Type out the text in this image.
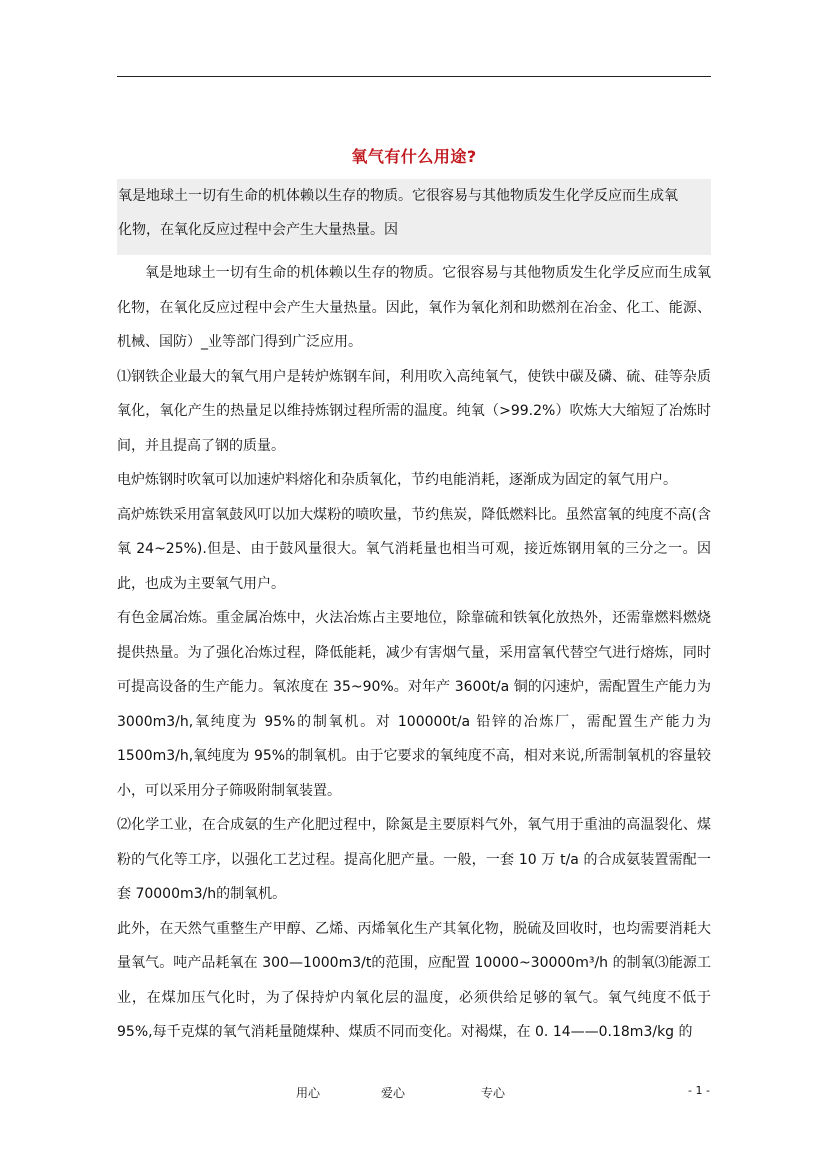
氧气有什么用途?

氧是地球土一切有生命的机体赖以生存的物质。它很容易与其他物质发生化学反应而生成氧

化物，在氧化反应过程中会产生大量热量。因

氧是地球土一切有生命的机体赖以生存的物质。它很容易与其他物质发生化学反应而生成氧化物，在氧化反应过程中会产生大量热量。因此，氧作为氧化剂和助燃剂在冶金、化工、能源、机械、国防）_业等部门得到广泛应用。

⑴钢铁企业最大的氧气用户是转炉炼钢车间，利用吹入高纯氧气，使铁中碳及磷、硫、硅等杂质氧化，氧化产生的热量足以维持炼钢过程所需的温度。纯氧（>99.2%）吹炼大大缩短了冶炼时间，并且提高了钢的质量。

电炉炼钢时吹氧可以加速炉料熔化和杂质氧化，节约电能消耗，逐渐成为固定的氧气用户。

高炉炼铁采用富氧鼓风叮以加大煤粉的喷吹量，节约焦炭，降低燃料比。虽然富氧的纯度不高(含氧 24~25%).但是、由于鼓风量很大。氧气消耗量也相当可观，接近炼钢用氧的三分之一。因此，也成为主要氧气用户。

有色金属冶炼。重金属冶炼中，火法冶炼占主要地位，除靠硫和铁氧化放热外，还需靠燃料燃烧提供热量。为了强化冶炼过程，降低能耗，减少有害烟气量，采用富氧代替空气进行熔炼，同时可提高设备的生产能力。氧浓度在 35~90%。对年产 3600t/a 铜的闪速炉，需配置生产能力为 3000m3/h,氧纯度为 95%的制氧机。对 100000t/a 铅锌的冶炼厂，需配置生产能力为 1500m3/h,氧纯度为 95%的制氧机。由于它要求的氧纯度不高，相对来说,所需制氧机的容量较小，可以采用分子筛吸附制氧装置。

⑵化学工业，在合成氨的生产化肥过程中，除氮是主要原料气外，氧气用于重油的高温裂化、煤粉的气化等工序，以强化工艺过程。提高化肥产量。一般，一套 10 万 t/a 的合成氨装置需配一套 70000m3/h的制氧机。

此外，在天然气重整生产甲醇、乙烯、丙烯氧化生产其氧化物，脱硫及回收时，也均需要消耗大量氧气。吨产品耗氧在 300—1000m3/t的范围，应配置 10000~30000m³/h 的制氧⑶能源工业，在煤加压气化时，为了保持炉内氧化层的温度，必须供给足够的氧气。氧气纯度不低于 95%,每千克煤的氧气消耗量随煤种、煤质不同而变化。对褐煤，在 0. 14——0.18m3/kg 的

用心	爱心	专心	- 1 -
